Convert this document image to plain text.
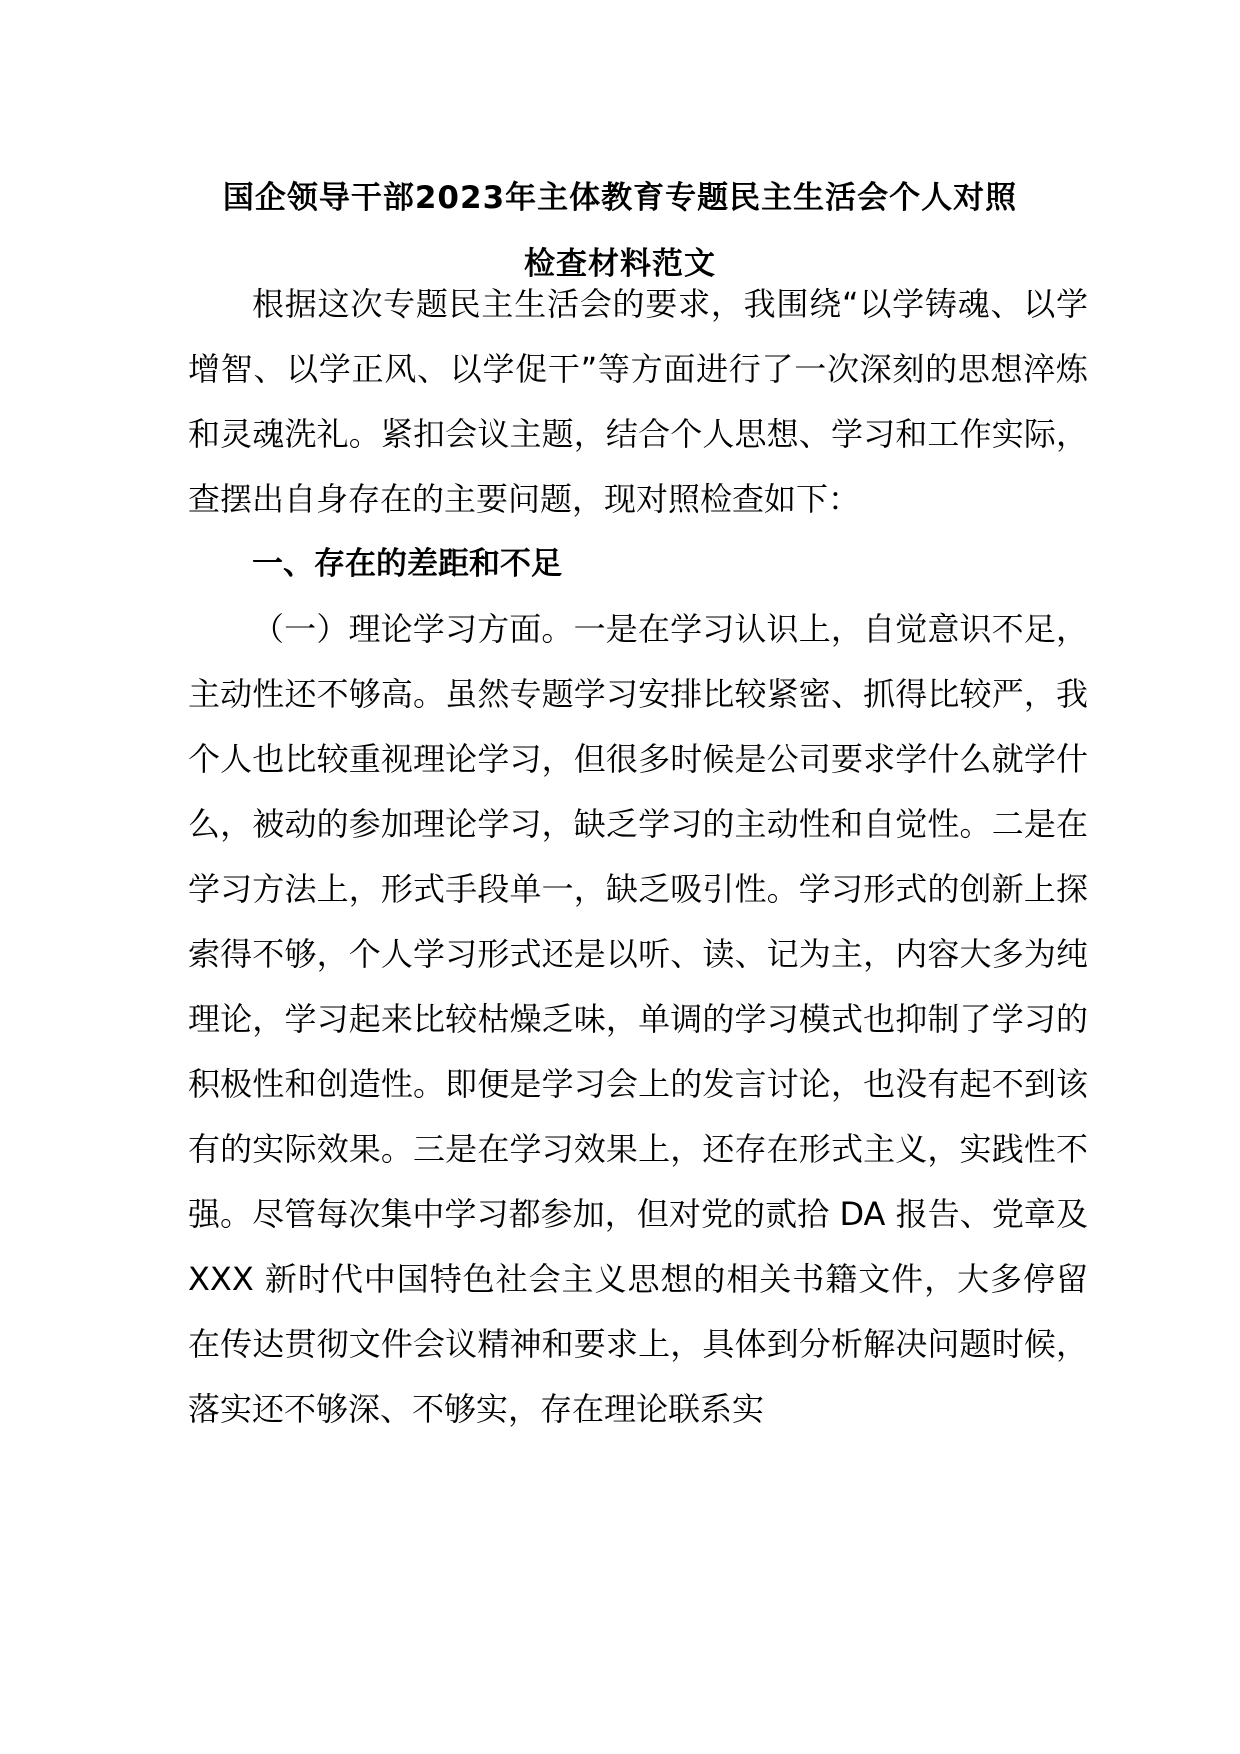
国企领导干部2023年主体教育专题民主生活会个人对照
检查材料范文

根据这次专题民主生活会的要求，我围绕“以学铸魂、以学增智、以学正风、以学促干”等方面进行了一次深刻的思想淬炼和灵魂洗礼。紧扣会议主题，结合个人思想、学习和工作实际，查摆出自身存在的主要问题，现对照检查如下：

一、存在的差距和不足

（一）理论学习方面。一是在学习认识上，自觉意识不足，主动性还不够高。虽然专题学习安排比较紧密、抓得比较严，我个人也比较重视理论学习，但很多时候是公司要求学什么就学什么，被动的参加理论学习，缺乏学习的主动性和自觉性。二是在学习方法上，形式手段单一，缺乏吸引性。学习形式的创新上探索得不够，个人学习形式还是以听、读、记为主，内容大多为纯理论，学习起来比较枯燥乏味，单调的学习模式也抑制了学习的积极性和创造性。即便是学习会上的发言讨论，也没有起不到该有的实际效果。三是在学习效果上，还存在形式主义，实践性不强。尽管每次集中学习都参加，但对党的贰拾 DA 报告、党章及 XXX 新时代中国特色社会主义思想的相关书籍文件，大多停留在传达贯彻文件会议精神和要求上，具体到分析解决问题时候，落实还不够深、不够实，存在理论联系实
